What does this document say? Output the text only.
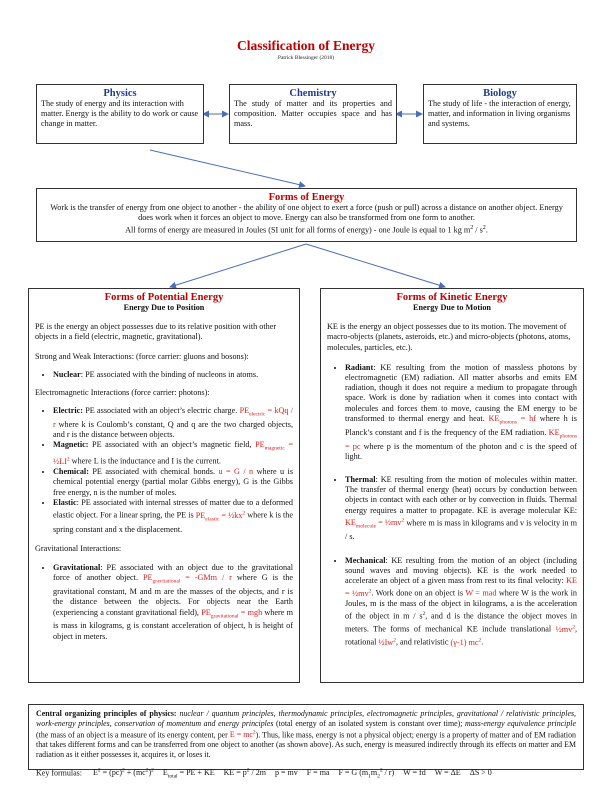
Classification of Energy
Patrick Blessinger (2018)
Physics

The study of energy and its interaction with matter. Energy is the ability to do work or cause change in matter.

Chemistry

The study of matter and its properties and composition. Matter occupies space and has mass.

Biology

The study of life - the interaction of energy, matter, and information in living organisms and systems.

Forms of Energy

Work is the transfer of energy from one object to another - the ability of one object to exert a force (push or pull) across a distance on another object. Energy does work when it forces an object to move. Energy can also be transformed from one form to another.

All forms of energy are measured in Joules (SI unit for all forms of energy) - one Joule is equal to 1 kg $m^2 / s^2$.

Forms of Potential Energy
Energy Due to Position

PE is the energy an object possesses due to its relative position with other objects in a field (electric, magnetic, gravitational).

Strong and Weak Interactions: (force carrier: gluons and bosons):

• Nuclear: PE associated with the binding of nucleons in atoms.

Electromagnetic Interactions (force carrier: photons):

• Electric: PE associated with an object’s electric charge. $PE_{electric}$ = kQq / r where k is Coulomb’s constant, Q and q are the two charged objects, and r is the distance between objects.
• Magnetic: PE associated with an object’s magnetic field, $PE_{magnetic}$ = $\frac{1}{2}LI^2$ where L is the inductance and I is the current.
• Chemical: PE associated with chemical bonds. u = G / n where u is chemical potential energy (partial molar Gibbs energy), G is the Gibbs free energy, n is the number of moles.
• Elastic: PE associated with internal stresses of matter due to a deformed elastic object. For a linear spring, the PE is $PE_{elastic}$ = $\frac{1}{2}kx^2$ where k is the spring constant and x the displacement.

Gravitational Interactions:

• Gravitational: PE associated with an object due to the gravitational force of another object. $PE_{gravitational} = -GMm / r$ where G is the gravitational constant, M and m are the masses of the objects, and r is the distance between the objects. For objects near the Earth (experiencing a constant gravitational field), $PE_{gravitational}$ = mgh where m is mass in kilograms, g is constant acceleration of object, h is height of object in meters.
Forms of Kinetic Energy
Energy Due to Motion

KE is the energy an object possesses due to its motion. The movement of macro-objects (planets, asteroids, etc.) and micro-objects (photons, atoms, molecules, particles, etc.).

• Radiant: KE resulting from the motion of massless photons by electromagnetic (EM) radiation. All matter absorbs and emits EM radiation, though it does not require a medium to propagate through space. Work is done by radiation when it comes into contact with molecules and forces them to move, causing the EM energy to be transformed to thermal energy and heat. $KE_{photons}$ = hf where h is Planck’s constant and f is the frequency of the EM radiation. $KE_{photons}$ = pc where p is the momentum of the photon and c is the speed of light.
• Thermal: KE resulting from the motion of molecules within matter. The transfer of thermal energy (heat) occurs by conduction between objects in contact with each other or by convection in fluids. Thermal energy requires a matter to propagate. KE is average molecular KE: $KE_{molecule}$ = $\frac{1}{2}mv^2$ where m is mass in kilograms and v is velocity in m / s.
• Mechanical: KE resulting from the motion of an object (including sound waves and moving objects). KE is the work needed to accelerate an object of a given mass from rest to its final velocity: KE = $\frac{1}{2}mv^2$. Work done on an object is W = mad where W is the work in Joules, m is the mass of the object in kilograms, a is the acceleration of the object in m / $s^2$, and d is the distance the object moves in meters. The forms of mechanical KE include translational $\frac{1}{2}mv^2$, rotational ½Iw$^2$, and relativistic (γ-1) $mc^2$.

Central organizing principles of physics: nuclear / quantum principles, thermodynamic principles, electromagnetic principles, gravitational / relativistic principles, work-energy principles, conservation of momentum and energy principles (total energy of an isolated system is constant over time); mass-energy equivalence principle (the mass of an object is a measure of its energy content, per $E = mc^2$). Thus, like mass, energy is not a physical object; energy is a property of matter and of EM radiation that takes different forms and can be transferred from one object to another (as shown above). As such, energy is measured indirectly through its effects on matter and EM radiation as it either possesses it, acquires it, or loses it.

Key formulas: $E^2 = (pc)^2 + (mc^2)^2$ $E_{total}$ = PE + KE KE = $p^2 / 2m$ p = mv F = ma F = G $(m_1m_2^2 / r) W$ = fd W = ΔE ΔS > 0
